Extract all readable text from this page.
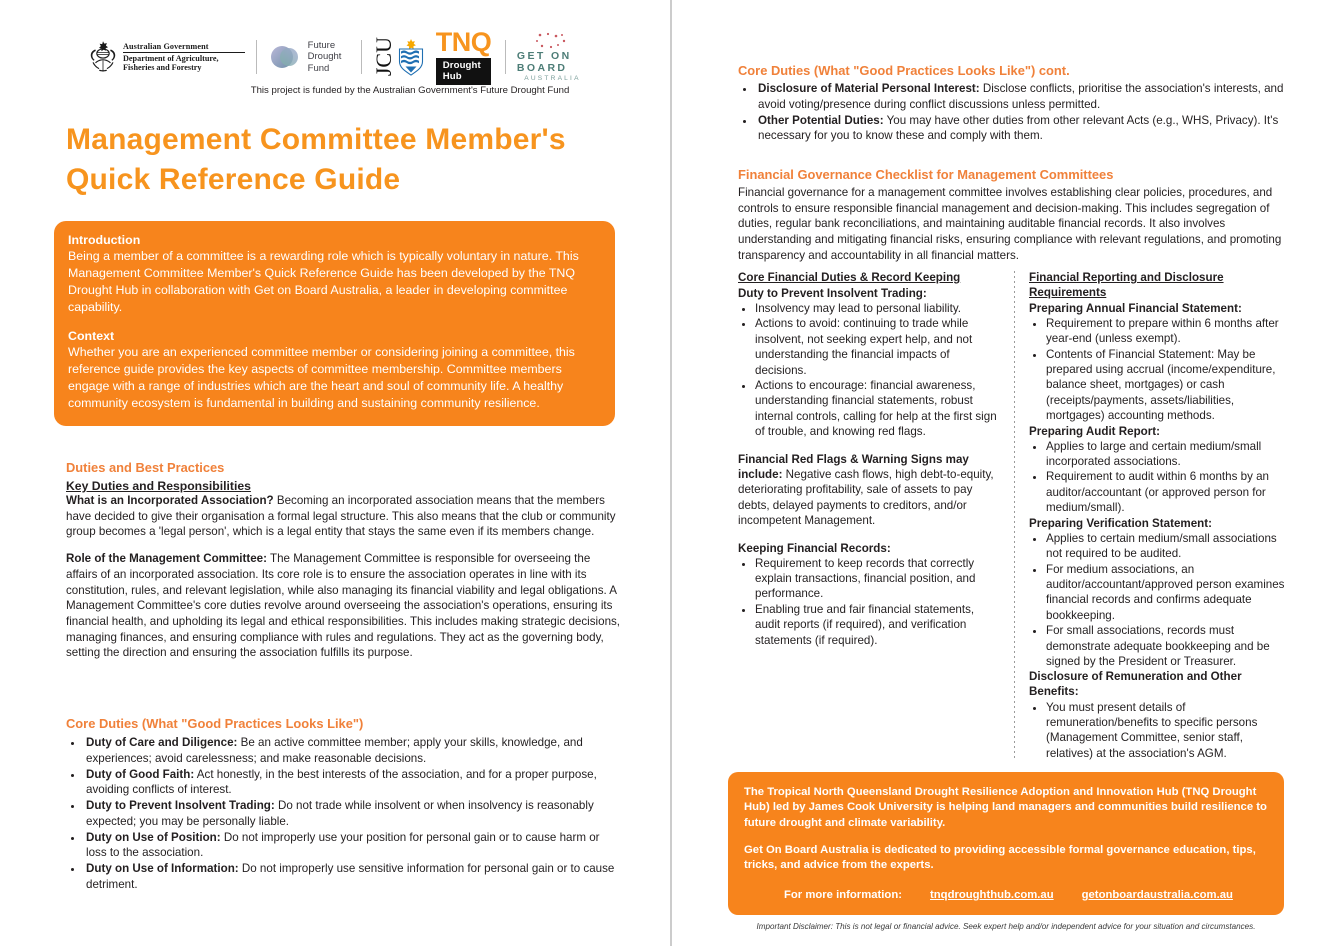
Australian Government
Department of Agriculture, Fisheries and Forestry
Future Drought Fund	JCU TNQ
Drought Hub
GET ON BOARD
AUSTRALIA
This project is funded by the Australian Government's Future Drought Fund
Management Committee Member's Quick Reference Guide
Introduction

Being a member of a committee is a rewarding role which is typically voluntary in nature. This Management Committee Member's Quick Reference Guide has been developed by the TNQ Drought Hub in collaboration with Get on Board Australia, a leader in developing committee capability.

Context

Whether you are an experienced committee member or considering joining a committee, this reference guide provides the key aspects of committee membership. Committee members engage with a range of industries which are the heart and soul of community life. A healthy community ecosystem is fundamental in building and sustaining community resilience.

Duties and Best Practices
Key Duties and Responsibilities

What is an Incorporated Association? Becoming an incorporated association means that the members have decided to give their organisation a formal legal structure. This also means that the club or community group becomes a 'legal person', which is a legal entity that stays the same even if its members change.

Role of the Management Committee: The Management Committee is responsible for overseeing the affairs of an incorporated association. Its core role is to ensure the association operates in line with its constitution, rules, and relevant legislation, while also managing its financial viability and legal obligations. A Management Committee's core duties revolve around overseeing the association's operations, ensuring its financial health, and upholding its legal and ethical responsibilities. This includes making strategic decisions, managing finances, and ensuring compliance with rules and regulations. They act as the governing body, setting the direction and ensuring the association fulfills its purpose.

Core Duties (What "Good Practices Looks Like")
• Duty of Care and Diligence: Be an active committee member; apply your skills, knowledge, and experiences; avoid carelessness; and make reasonable decisions.
• Duty of Good Faith: Act honestly, in the best interests of the association, and for a proper purpose, avoiding conflicts of interest.
• Duty to Prevent Insolvent Trading: Do not trade while insolvent or when insolvency is reasonably expected; you may be personally liable.
• Duty on Use of Position: Do not improperly use your position for personal gain or to cause harm or loss to the association.
• Duty on Use of Information: Do not improperly use sensitive information for personal gain or to cause detriment.
Core Duties (What "Good Practices Looks Like") cont.
• Disclosure of Material Personal Interest: Disclose conflicts, prioritise the association's interests, and avoid voting/presence during conflict discussions unless permitted.
• Other Potential Duties: You may have other duties from other relevant Acts (e.g., WHS, Privacy). It's necessary for you to know these and comply with them.
Financial Governance Checklist for Management Committees

Financial governance for a management committee involves establishing clear policies, procedures, and controls to ensure responsible financial management and decision-making. This includes segregation of duties, regular bank reconciliations, and maintaining auditable financial records. It also involves understanding and mitigating financial risks, ensuring compliance with relevant regulations, and promoting transparency and accountability in all financial matters.

Core Financial Duties & Record Keeping
Duty to Prevent Insolvent Trading:
• Insolvency may lead to personal liability.
• Actions to avoid: continuing to trade while insolvent, not seeking expert help, and not understanding the financial impacts of decisions.
• Actions to encourage: financial awareness, understanding financial statements, robust internal controls, calling for help at the first sign of trouble, and knowing red flags.

Financial Red Flags & Warning Signs may include: Negative cash flows, high debt-to-equity, deteriorating profitability, sale of assets to pay debts, delayed payments to creditors, and/or incompetent Management.

Keeping Financial Records:
• Requirement to keep records that correctly explain transactions, financial position, and performance.
• Enabling true and fair financial statements, audit reports (if required), and verification statements (if required).
Financial Reporting and Disclosure Requirements
Preparing Annual Financial Statement:
• Requirement to prepare within 6 months after year-end (unless exempt).
• Contents of Financial Statement: May be prepared using accrual (income/expenditure, balance sheet, mortgages) or cash (receipts/payments, assets/liabilities, mortgages) accounting methods.
Preparing Audit Report:
• Applies to large and certain medium/small incorporated associations.
• Requirement to audit within 6 months by an auditor/accountant (or approved person for medium/small).
Preparing Verification Statement:
• Applies to certain medium/small associations not required to be audited.
• For medium associations, an auditor/accountant/approved person examines financial records and confirms adequate bookkeeping.
• For small associations, records must demonstrate adequate bookkeeping and be signed by the President or Treasurer.
Disclosure of Remuneration and Other Benefits:
• You must present details of remuneration/benefits to specific persons (Management Committee, senior staff, relatives) at the association's AGM.

The Tropical North Queensland Drought Resilience Adoption and Innovation Hub (TNQ Drought Hub) led by James Cook University is helping land managers and communities build resilience to future drought and climate variability.

Get On Board Australia is dedicated to providing accessible formal governance education, tips, tricks, and advice from the experts.

For more information: tnqdroughthub.com.au getonboardaustralia.com.au
Important Disclaimer: This is not legal or financial advice. Seek expert help and/or independent advice for your situation and circumstances.
